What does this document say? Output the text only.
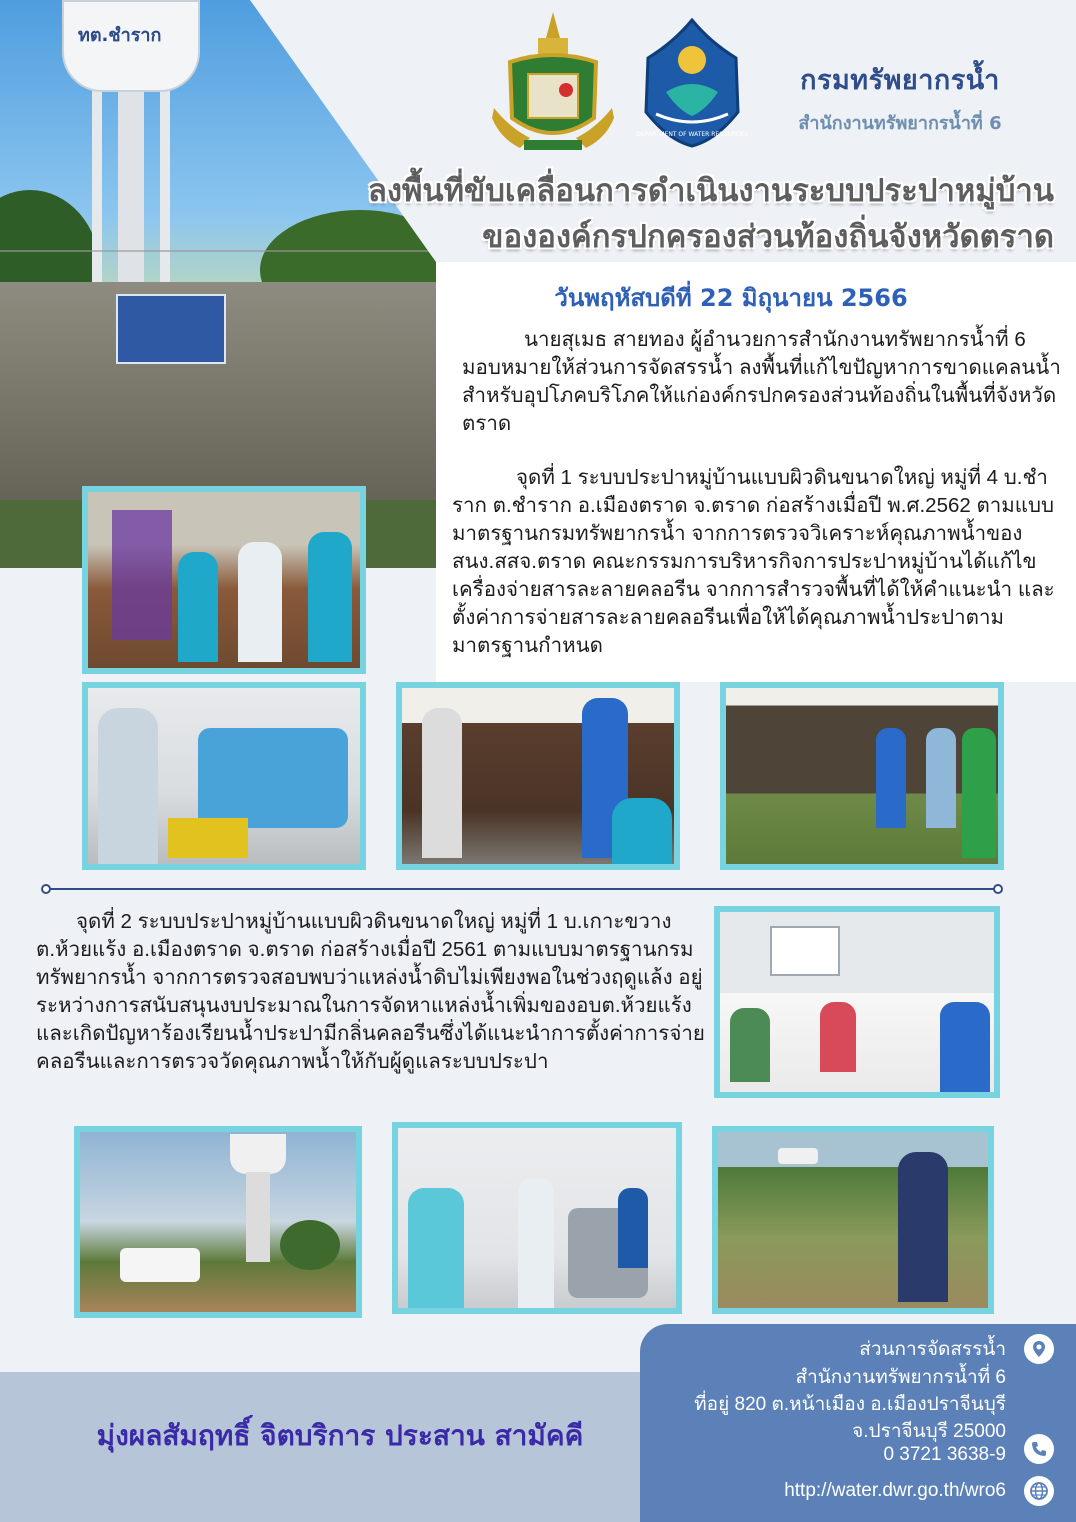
ทต.ชำราก
DEPARTMENT OF WATER RESOURCES
กรมทรัพยากรน้ำ
สำนักงานทรัพยากรน้ำที่ 6
ลงพื้นที่ขับเคลื่อนการดำเนินงานระบบประปาหมู่บ้าน
ขององค์กรปกครองส่วนท้องถิ่นจังหวัดตราด
วันพฤหัสบดีที่ 22 มิถุนายน 2566
นายสุเมธ สายทอง ผู้อำนวยการสำนักงานทรัพยากรน้ำที่ 6 มอบหมายให้ส่วนการจัดสรรน้ำ ลงพื้นที่แก้ไขปัญหาการขาดแคลนน้ำ สำหรับอุปโภคบริโภคให้แก่องค์กรปกครองส่วนท้องถิ่นในพื้นที่จังหวัดตราด
จุดที่ 1 ระบบประปาหมู่บ้านแบบผิวดินขนาดใหญ่ หมู่ที่ 4 บ.ชำราก ต.ชำราก อ.เมืองตราด จ.ตราด ก่อสร้างเมื่อปี พ.ศ.2562 ตามแบบมาตรฐานกรมทรัพยากรน้ำ จากการตรวจวิเคราะห์คุณภาพน้ำของ สนง.สสจ.ตราด คณะกรรมการบริหารกิจการประปาหมู่บ้านได้แก้ไขเครื่องจ่ายสารละลายคลอรีน จากการสำรวจพื้นที่ได้ให้คำแนะนำ และตั้งค่าการจ่ายสารละลายคลอรีนเพื่อให้ได้คุณภาพน้ำประปาตามมาตรฐานกำหนด
จุดที่ 2 ระบบประปาหมู่บ้านแบบผิวดินขนาดใหญ่ หมู่ที่ 1 บ.เกาะขวาง ต.ห้วยแร้ง อ.เมืองตราด จ.ตราด ก่อสร้างเมื่อปี 2561 ตามแบบมาตรฐานกรมทรัพยากรน้ำ จากการตรวจสอบพบว่าแหล่งน้ำดิบไม่เพียงพอในช่วงฤดูแล้ง อยู่ระหว่างการสนับสนุนงบประมาณในการจัดหาแหล่งน้ำเพิ่มของอบต.ห้วยแร้ง และเกิดปัญหาร้องเรียนน้ำประปามีกลิ่นคลอรีนซึ่งได้แนะนำการตั้งค่าการจ่ายคลอรีนและการตรวจวัดคุณภาพน้ำให้กับผู้ดูแลระบบประปา
มุ่งผลสัมฤทธิ์ จิตบริการ ประสาน สามัคคี
ส่วนการจัดสรรน้ำ
สำนักงานทรัพยากรน้ำที่ 6
ที่อยู่ 820 ต.หน้าเมือง อ.เมืองปราจีนบุรี
จ.ปราจีนบุรี 25000
0 3721 3638-9
http://water.dwr.go.th/wro6
